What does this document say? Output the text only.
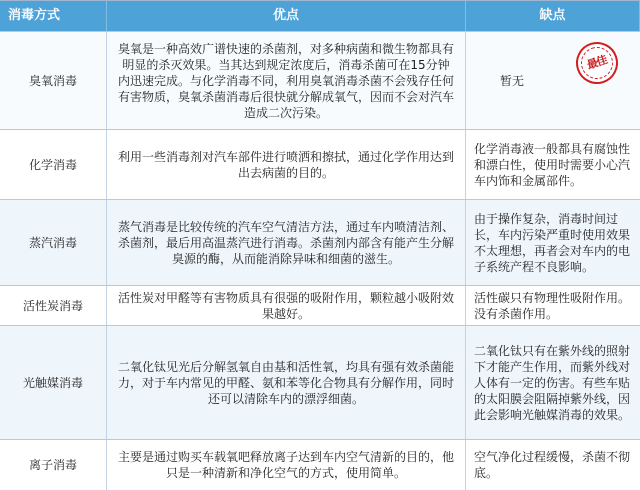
消毒方式	优点	缺点
臭氧消毒
臭氧是一种高效广谱快速的杀菌剂，对多种病菌和微生物都具有明显的杀灭效果。当其达到规定浓度后，消毒杀菌可在15分钟内迅速完成。与化学消毒不同，利用臭氧消毒杀菌不会残存任何有害物质，臭氧杀菌消毒后很快就分解成氧气，因而不会对汽车造成二次污染。
暂无
最佳
化学消毒
利用一些消毒剂对汽车部件进行喷洒和擦拭，通过化学作用达到出去病菌的目的。
化学消毒液一般都具有腐蚀性和漂白性，使用时需要小心汽车内饰和金属部件。
蒸汽消毒
蒸气消毒是比较传统的汽车空气清洁方法，通过车内喷清洁剂、杀菌剂，最后用高温蒸汽进行消毒。杀菌剂内部含有能产生分解臭源的酶，从而能消除异味和细菌的滋生。
由于操作复杂，消毒时间过长，车内污染严重时使用效果不太理想，再者会对车内的电子系统产程不良影响。
活性炭消毒
活性炭对甲醛等有害物质具有很强的吸附作用，颗粒越小吸附效果越好。
活性碳只有物理性吸附作用。没有杀菌作用。
光触媒消毒
二氧化钛见光后分解氢氧自由基和活性氧，均具有强有效杀菌能力，对于车内常见的甲醛、氨和苯等化合物具有分解作用，同时还可以清除车内的漂浮细菌。
二氧化钛只有在紫外线的照射下才能产生作用，而紫外线对人体有一定的伤害。有些车贴的太阳膜会阻隔掉紫外线，因此会影响光触媒消毒的效果。
离子消毒
主要是通过购买车载氧吧释放离子达到车内空气清新的目的，他只是一种清新和净化空气的方式，使用简单。
空气净化过程缓慢，杀菌不彻底。
